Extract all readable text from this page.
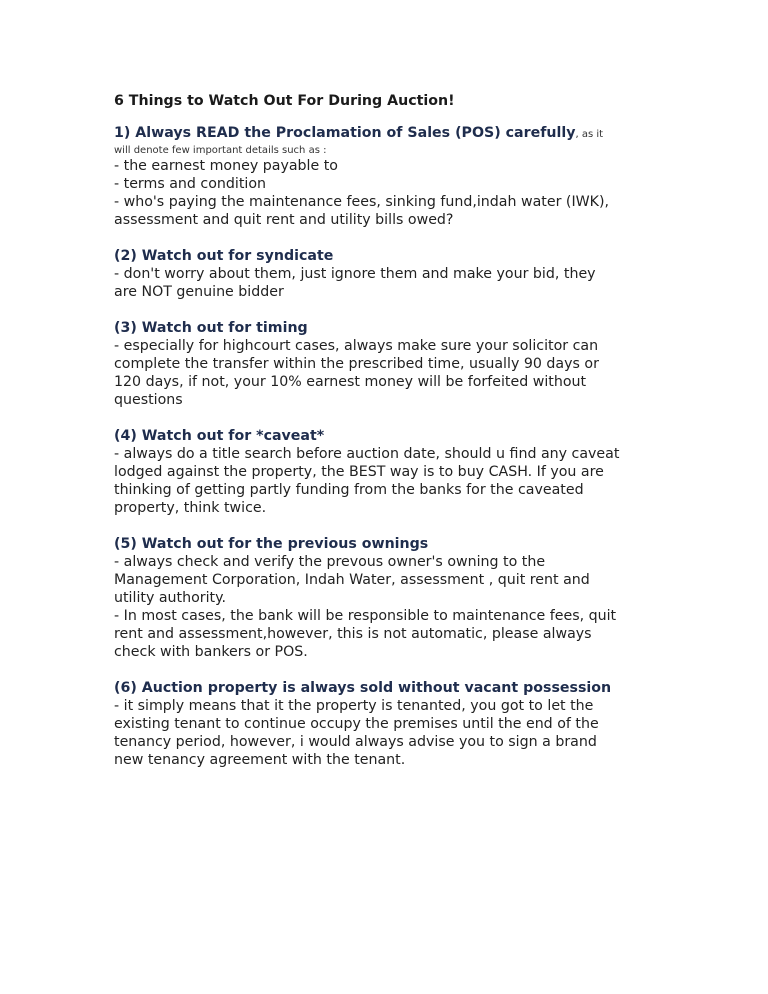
6 Things to Watch Out For During Auction!
1) Always READ the Proclamation of Sales (POS) carefully, as it
will denote few important details such as :
- the earnest money payable to
- terms and condition
- who's paying the maintenance fees, sinking fund,indah water (IWK),
assessment and quit rent and utility bills owed?
(2) Watch out for syndicate
- don't worry about them, just ignore them and make your bid, they
are NOT genuine bidder
(3) Watch out for timing
- especially for highcourt cases, always make sure your solicitor can
complete the transfer within the prescribed time, usually 90 days or
120 days, if not, your 10% earnest money will be forfeited without
questions
(4) Watch out for *caveat*
- always do a title search before auction date, should u find any caveat
lodged against the property, the BEST way is to buy CASH. If you are
thinking of getting partly funding from the banks for the caveated
property, think twice.
(5) Watch out for the previous ownings
- always check and verify the prevous owner's owning to the
Management Corporation, Indah Water, assessment , quit rent and
utility authority.
- In most cases, the bank will be responsible to maintenance fees, quit
rent and assessment,however, this is not automatic, please always
check with bankers or POS.
(6) Auction property is always sold without vacant possession
- it simply means that it the property is tenanted, you got to let the
existing tenant to continue occupy the premises until the end of the
tenancy period, however, i would always advise you to sign a brand
new tenancy agreement with the tenant.
